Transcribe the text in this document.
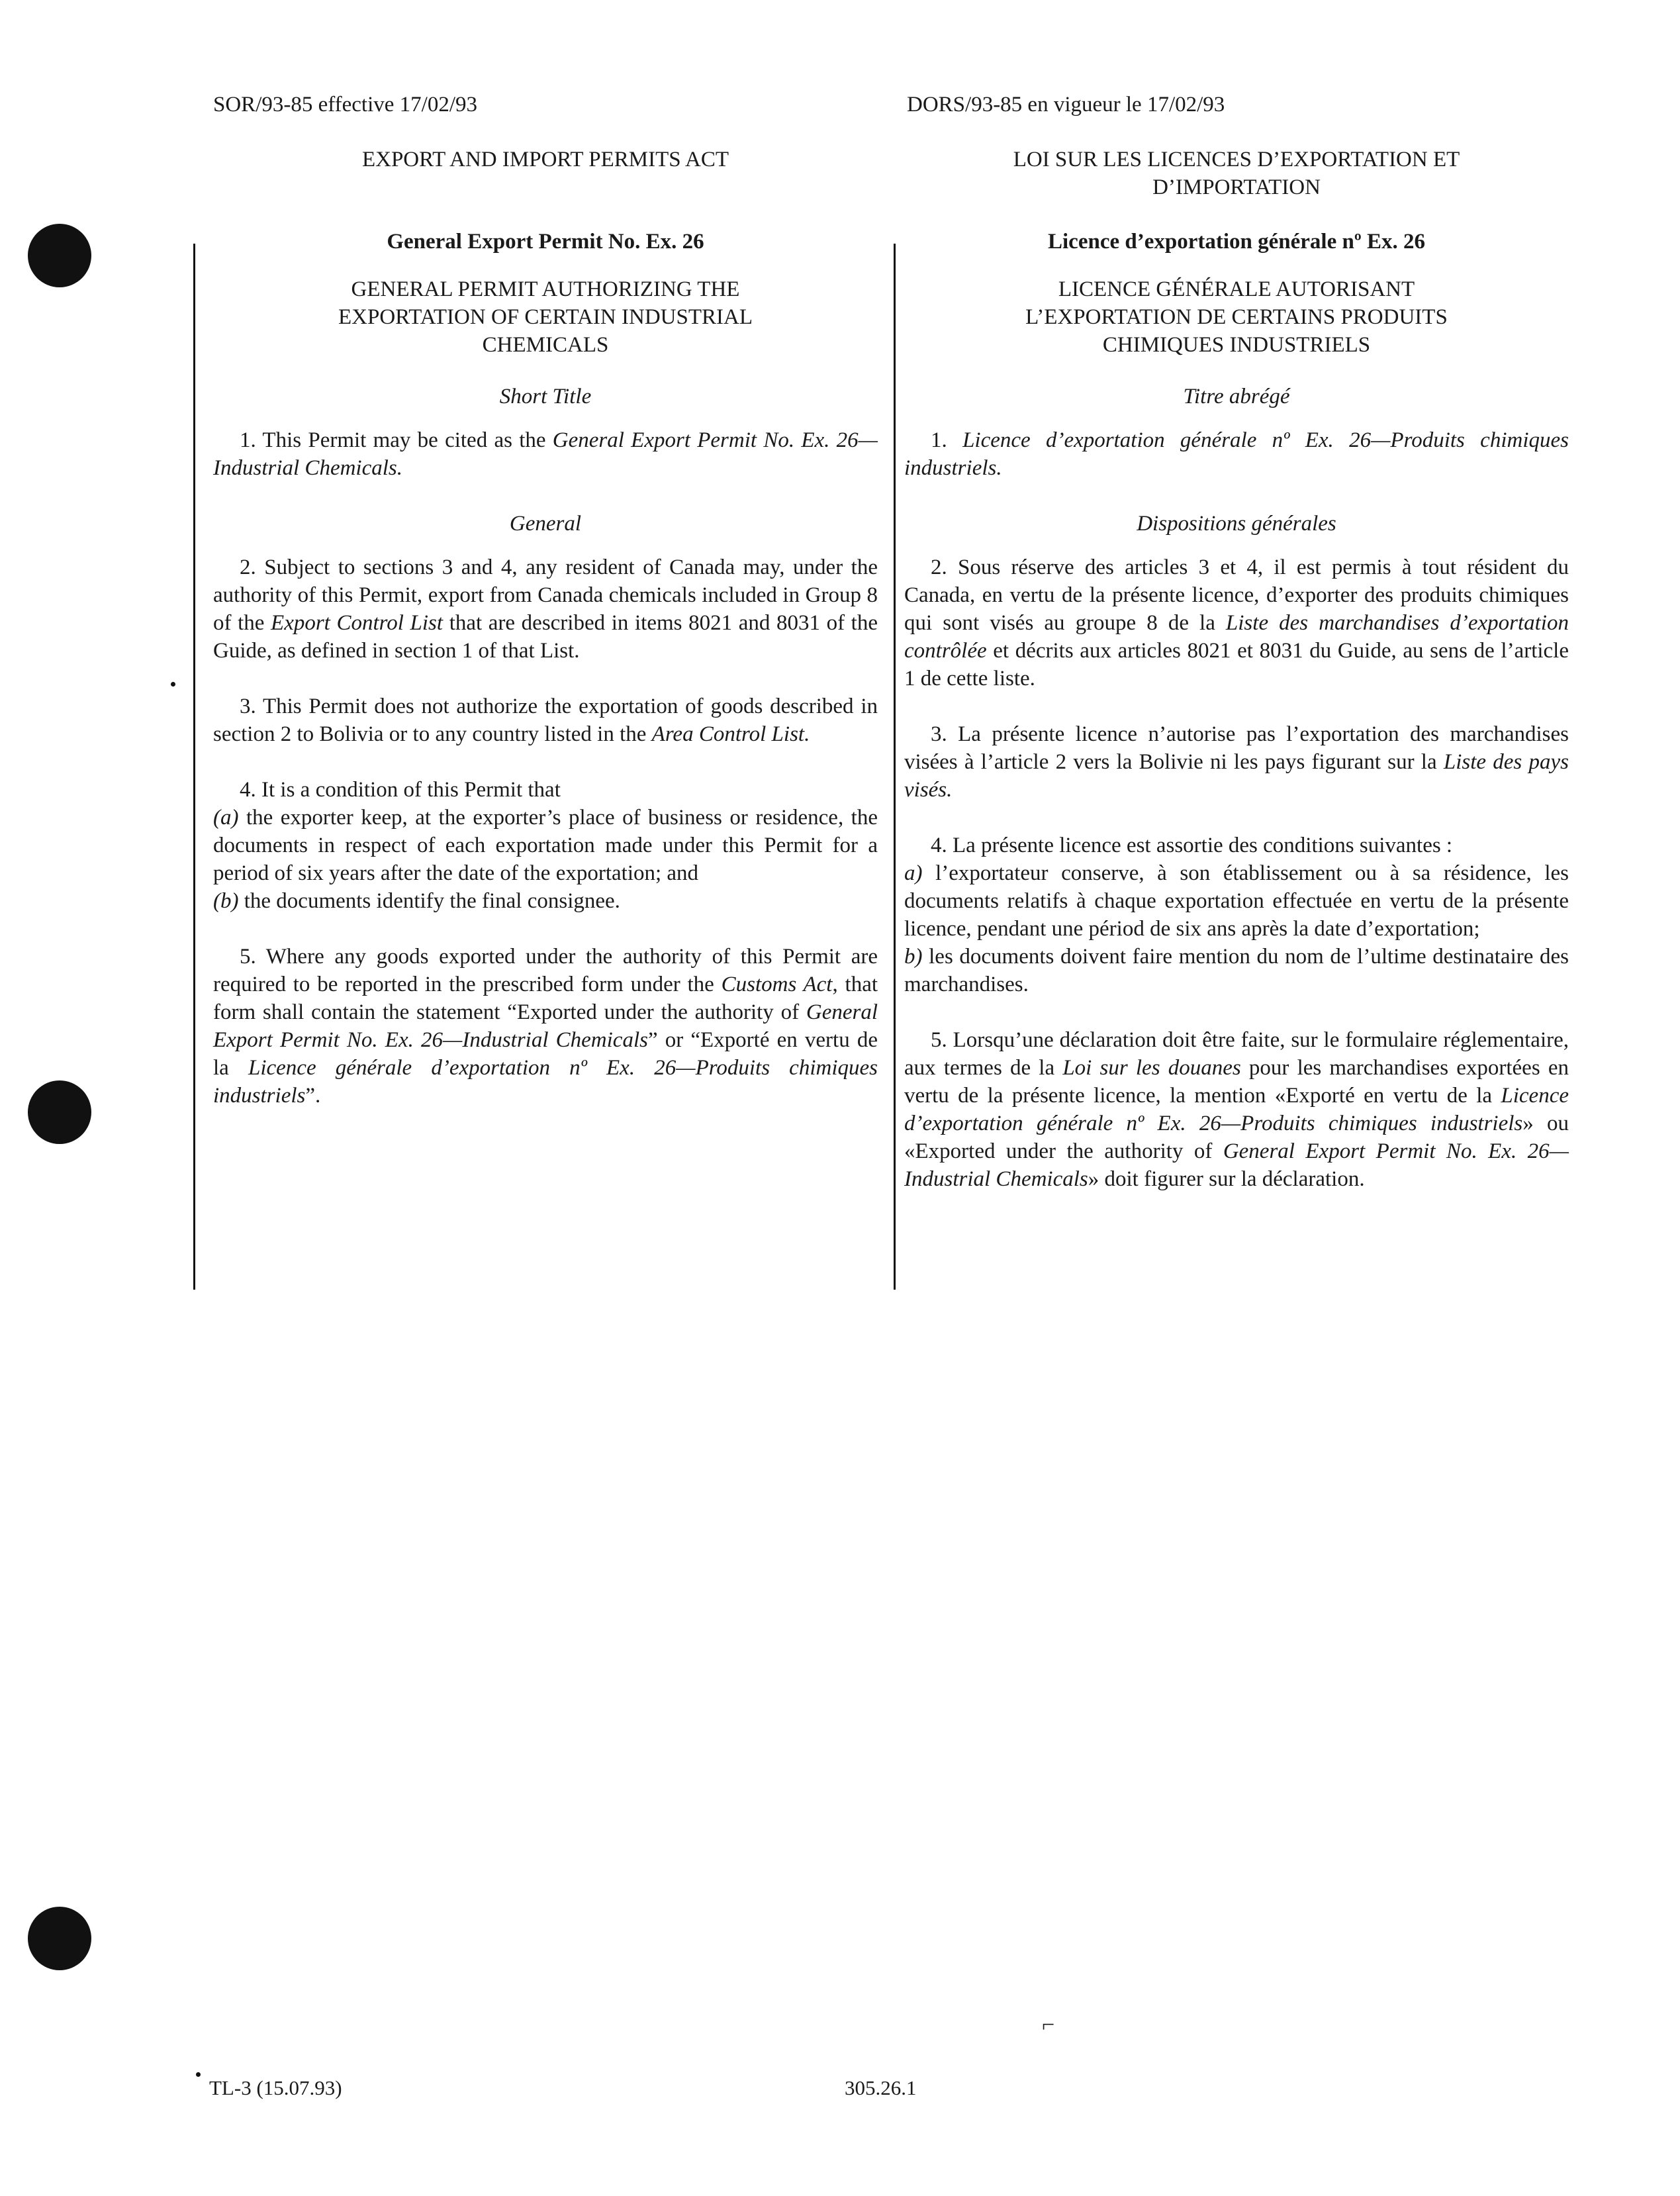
SOR/93-85 effective 17/02/93	DORS/93-85 en vigueur le 17/02/93
EXPORT AND IMPORT PERMITS ACT
General Export Permit No. Ex. 26
GENERAL PERMIT AUTHORIZING THE EXPORTATION OF CERTAIN INDUSTRIAL CHEMICALS
Short Title
1. This Permit may be cited as the General Export Permit No. Ex. 26—Industrial Chemicals.
General
2. Subject to sections 3 and 4, any resident of Canada may, under the authority of this Permit, export from Canada chemicals included in Group 8 of the Export Control List that are described in items 8021 and 8031 of the Guide, as defined in section 1 of that List.
3. This Permit does not authorize the exportation of goods described in section 2 to Bolivia or to any country listed in the Area Control List.
4. It is a condition of this Permit that
(a) the exporter keep, at the exporter’s place of business or residence, the documents in respect of each exportation made under this Permit for a period of six years after the date of the exportation; and
(b) the documents identify the final consignee.
5. Where any goods exported under the authority of this Permit are required to be reported in the prescribed form under the Customs Act, that form shall contain the statement “Exported under the authority of General Export Permit No. Ex. 26—Industrial Chemicals” or “Exporté en vertu de la Licence générale d’exportation nº Ex. 26—Produits chimiques industriels”.
LOI SUR LES LICENCES D’EXPORTATION ET D’IMPORTATION
Licence d’exportation générale nº Ex. 26
LICENCE GÉNÉRALE AUTORISANT L’EXPORTATION DE CERTAINS PRODUITS CHIMIQUES INDUSTRIELS
Titre abrégé
1. Licence d’exportation générale nº Ex. 26—Produits chimiques industriels.
Dispositions générales
2. Sous réserve des articles 3 et 4, il est permis à tout résident du Canada, en vertu de la présente licence, d’exporter des produits chimiques qui sont visés au groupe 8 de la Liste des marchandises d’exportation contrôlée et décrits aux articles 8021 et 8031 du Guide, au sens de l’article 1 de cette liste.
3. La présente licence n’autorise pas l’exportation des marchandises visées à l’article 2 vers la Bolivie ni les pays figurant sur la Liste des pays visés.
4. La présente licence est assortie des conditions suivantes :
a) l’exportateur conserve, à son établissement ou à sa résidence, les documents relatifs à chaque exportation effectuée en vertu de la présente licence, pendant une périod de six ans après la date d’exportation;
b) les documents doivent faire mention du nom de l’ultime destinataire des marchandises.
5. Lorsqu’une déclaration doit être faite, sur le formulaire réglementaire, aux termes de la Loi sur les douanes pour les marchandises exportées en vertu de la présente licence, la mention «Exporté en vertu de la Licence d’exportation générale nº Ex. 26—Produits chimiques industriels» ou «Exported under the authority of General Export Permit No. Ex. 26—Industrial Chemicals» doit figurer sur la déclaration.
⌐
TL-3 (15.07.93)	305.26.1
